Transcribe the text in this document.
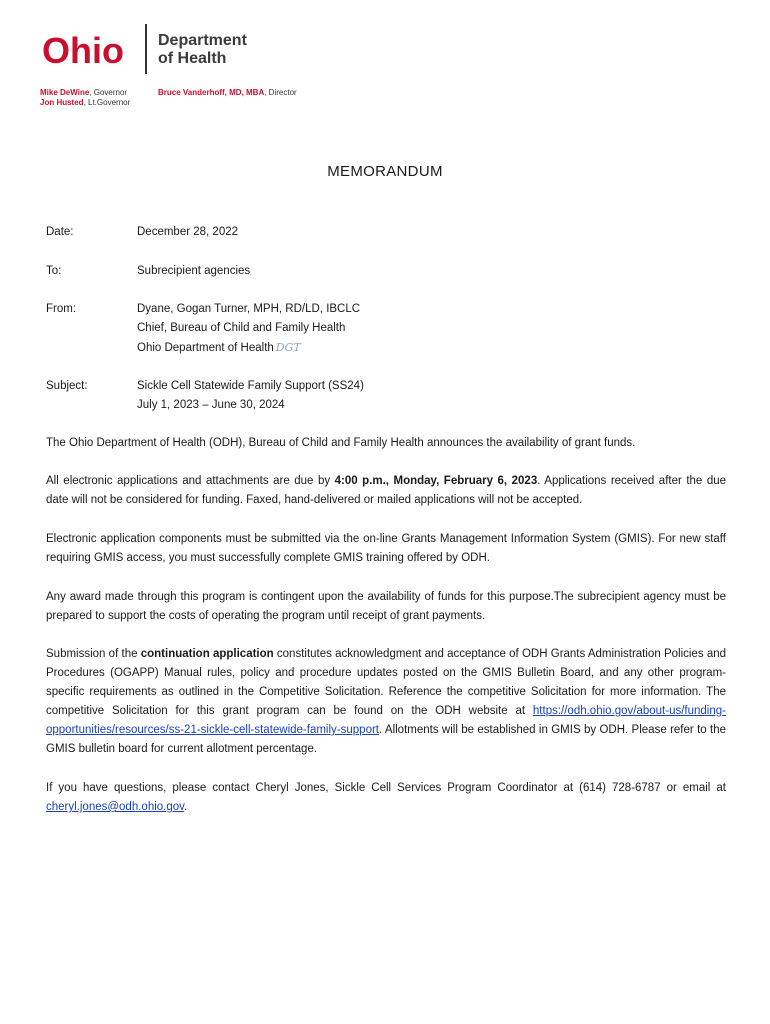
Ohio Department
of Health
Mike DeWine, Governor
Jon Husted, Lt.Governor
Bruce Vanderhoff, MD, MBA, Director
MEMORANDUM
Date:	December 28, 2022
To:	Subrecipient agencies
From:	Dyane, Gogan Turner, MPH, RD/LD, IBCLC
Chief, Bureau of Child and Family Health
Ohio Department of Health DGT
Subject:	Sickle Cell Statewide Family Support (SS24)
July 1, 2023 – June 30, 2024
The Ohio Department of Health (ODH), Bureau of Child and Family Health announces the availability of grant funds.
All electronic applications and attachments are due by 4:00 p.m., Monday, February 6, 2023. Applications received after the due date will not be considered for funding. Faxed, hand-delivered or mailed applications will not be accepted.
Electronic application components must be submitted via the on-line Grants Management Information System (GMIS). For new staff requiring GMIS access, you must successfully complete GMIS training offered by ODH.
Any award made through this program is contingent upon the availability of funds for this purpose.The subrecipient agency must be prepared to support the costs of operating the program until receipt of grant payments.
Submission of the continuation application constitutes acknowledgment and acceptance of ODH Grants Administration Policies and Procedures (OGAPP) Manual rules, policy and procedure updates posted on the GMIS Bulletin Board, and any other program-specific requirements as outlined in the Competitive Solicitation. Reference the competitive Solicitation for more information. The competitive Solicitation for this grant program can be found on the ODH website at https://odh.ohio.gov/about-us/funding-opportunities/resources/ss-21-sickle-cell-statewide-family-support. Allotments will be established in GMIS by ODH. Please refer to the GMIS bulletin board for current allotment percentage.
If you have questions, please contact Cheryl Jones, Sickle Cell Services Program Coordinator at (614) 728-6787 or email at cheryl.jones@odh.ohio.gov.
